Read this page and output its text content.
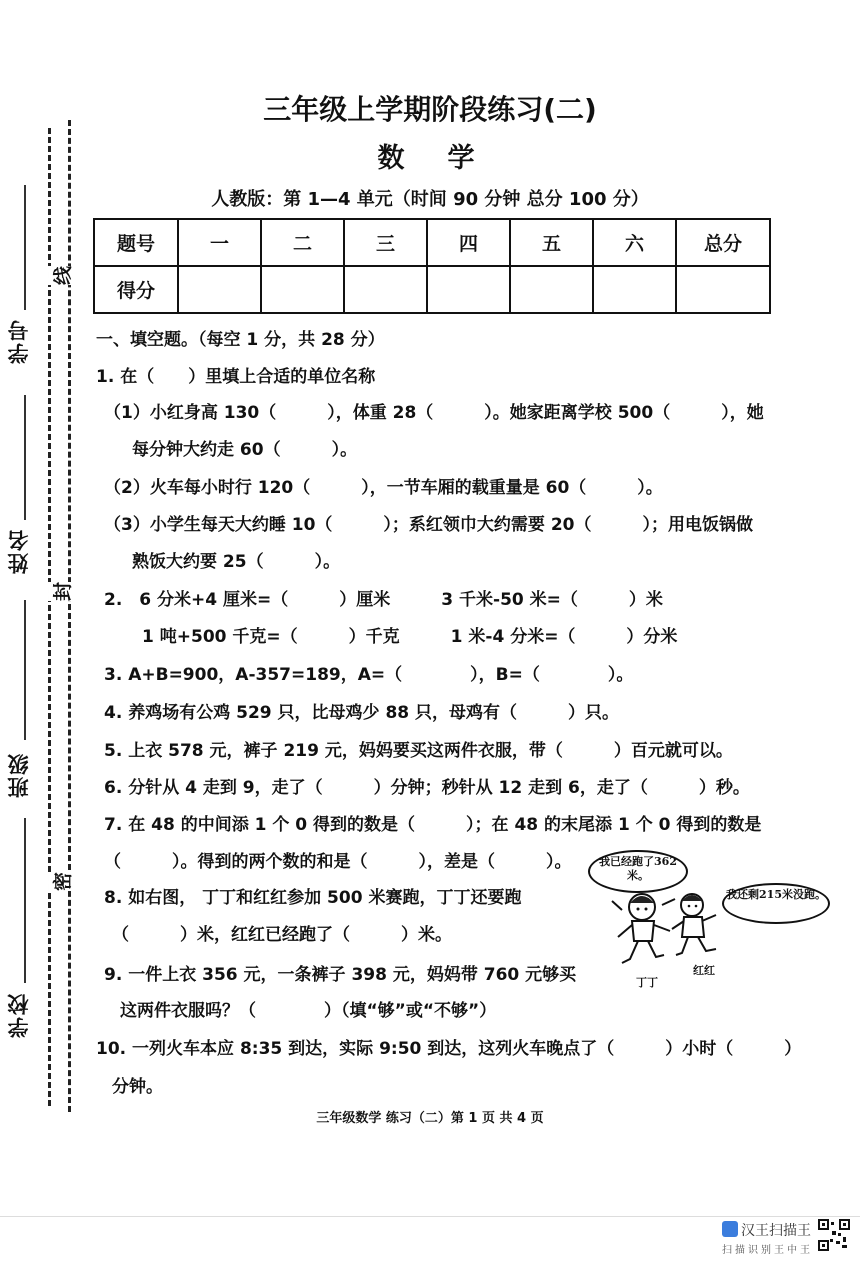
学号
姓名
班级
学校
线
封
密
三年级上学期阶段练习(二)
数　学
人教版：第 1—4 单元（时间 90 分钟 总分 100 分）
题号	一	二	三	四	五	六	总分
得分							
一、填空题。（每空 1 分，共 28 分）
1. 在（　　）里填上合适的单位名称
（1）小红身高 130（　　　），体重 28（　　　）。她家距离学校 500（　　　），她
每分钟大约走 60（　　　）。
（2）火车每小时行 120（　　　），一节车厢的载重量是 60（　　　）。
（3）小学生每天大约睡 10（　　　）；系红领巾大约需要 20（　　　）；用电饭锅做
熟饭大约要 25（　　　）。
2.　6 分米+4 厘米=（　　　）厘米　　　3 千米-50 米=（　　　）米
1 吨+500 千克=（　　　）千克　　　1 米-4 分米=（　　　）分米
3. A+B=900，A-357=189，A=（　　　　），B=（　　　　）。
4. 养鸡场有公鸡 529 只，比母鸡少 88 只，母鸡有（　　　）只。
5. 上衣 578 元，裤子 219 元，妈妈要买这两件衣服，带（　　　）百元就可以。
6. 分针从 4 走到 9，走了（　　　）分钟；秒针从 12 走到 6，走了（　　　）秒。
7. 在 48 的中间添 1 个 0 得到的数是（　　　）；在 48 的末尾添 1 个 0 得到的数是
（　　　）。得到的两个数的和是（　　　），差是（　　　）。
8. 如右图， 丁丁和红红参加 500 米赛跑，丁丁还要跑
（　　　）米，红红已经跑了（　　　）米。
9. 一件上衣 356 元，一条裤子 398 元，妈妈带 760 元够买
这两件衣服吗？（　　　　）（填“够”或“不够”）
10. 一列火车本应 8:35 到达，实际 9:50 到达，这列火车晚点了（　　　）小时（　　　）
分钟。
我已经跑了362米。
我还剩215米没跑。
丁丁
红红
三年级数学 练习（二）第 1 页 共 4 页
汉王扫描王
扫描识别王中王
